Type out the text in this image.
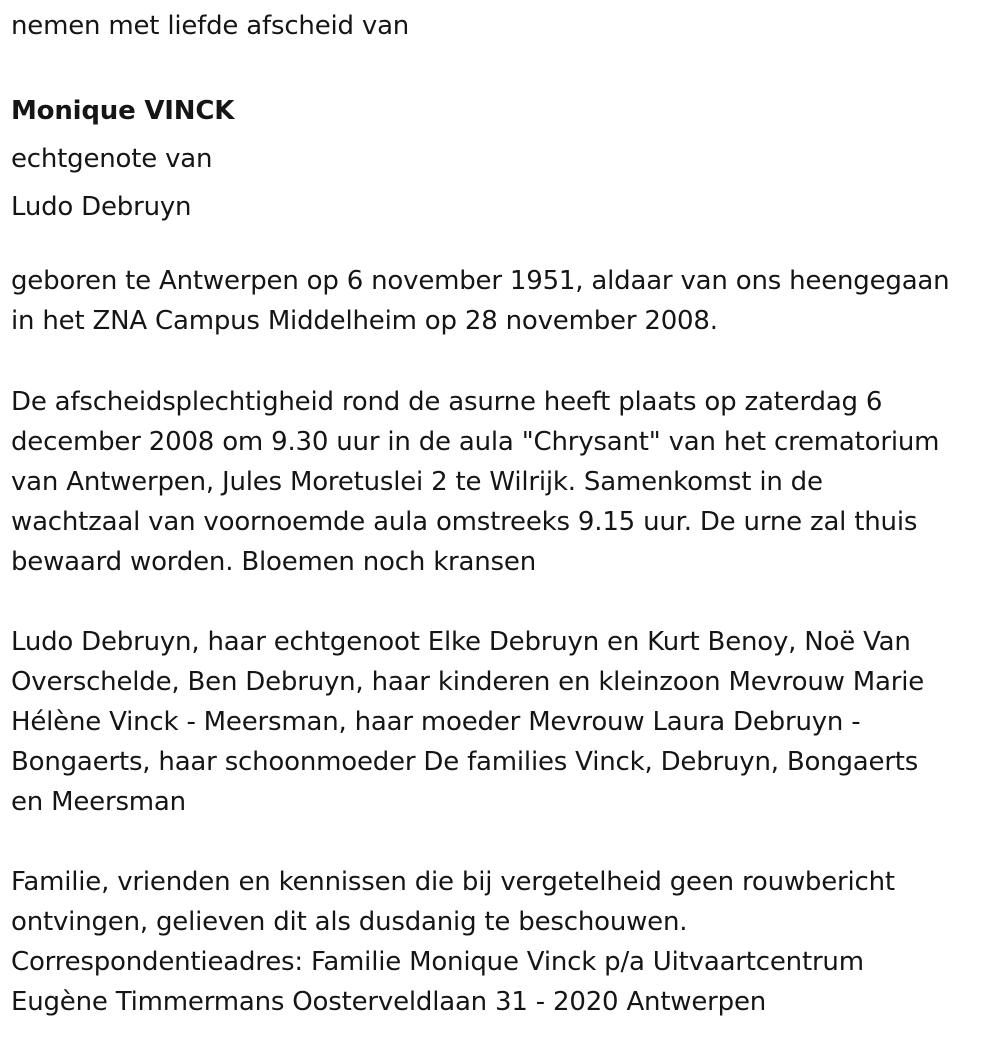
nemen met liefde afscheid van
Monique VINCK
echtgenote van
Ludo Debruyn
geboren te Antwerpen op 6 november 1951, aldaar van ons heengegaan
in het ZNA Campus Middelheim op 28 november 2008.
De afscheidsplechtigheid rond de asurne heeft plaats op zaterdag 6
december 2008 om 9.30 uur in de aula "Chrysant" van het crematorium
van Antwerpen, Jules Moretuslei 2 te Wilrijk. Samenkomst in de
wachtzaal van voornoemde aula omstreeks 9.15 uur. De urne zal thuis
bewaard worden. Bloemen noch kransen
Ludo Debruyn, haar echtgenoot Elke Debruyn en Kurt Benoy, Noë Van
Overschelde, Ben Debruyn, haar kinderen en kleinzoon Mevrouw Marie
Hélène Vinck - Meersman, haar moeder Mevrouw Laura Debruyn -
Bongaerts, haar schoonmoeder De families Vinck, Debruyn, Bongaerts
en Meersman
Familie, vrienden en kennissen die bij vergetelheid geen rouwbericht
ontvingen, gelieven dit als dusdanig te beschouwen.
Correspondentieadres: Familie Monique Vinck p/a Uitvaartcentrum
Eugène Timmermans Oosterveldlaan 31 - 2020 Antwerpen
